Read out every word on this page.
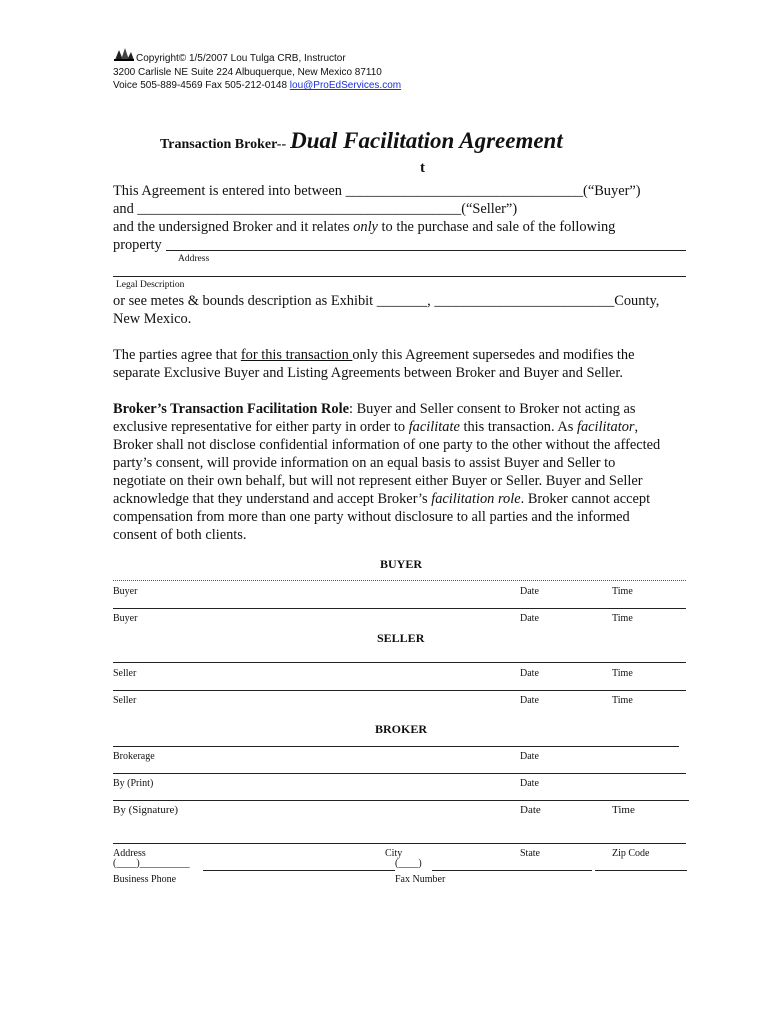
Copyright© 1/5/2007 Lou Tulga CRB, Instructor
3200 Carlisle NE Suite 224 Albuquerque, New Mexico 87110
Voice 505-889-4569 Fax 505-212-0148 lou@ProEdServices.com
Transaction Broker-- Dual Facilitation Agreement
t
This Agreement is entered into between _________________________________(“Buyer”)
and _____________________________________________(“Seller”)
and the undersigned Broker and it relates only to the purchase and sale of the following
property
Address
Legal Description
or see metes & bounds description as Exhibit _______, _________________________County,
New Mexico.
The parties agree that for this transaction only this Agreement supersedes and modifies the
separate Exclusive Buyer and Listing Agreements between Broker and Buyer and Seller.
Broker’s Transaction Facilitation Role: Buyer and Seller consent to Broker not acting as
exclusive representative for either party in order to facilitate this transaction. As facilitator,
Broker shall not disclose confidential information of one party to the other without the affected
party’s consent, will provide information on an equal basis to assist Buyer and Seller to
negotiate on their own behalf, but will not represent either Buyer or Seller. Buyer and Seller
acknowledge that they understand and accept Broker’s facilitation role. Broker cannot accept
compensation from more than one party without disclosure to all parties and the informed
consent of both clients.
BUYER
Buyer	Date	Time
Buyer	Date	Time
SELLER
Seller	Date	Time
Seller	Date	Time
BROKER
Brokerage	Date
By (Print)	Date
By (Signature)	Date	Time
Address	City	State	Zip Code
(____)__________	(____)
Business Phone	Fax Number
